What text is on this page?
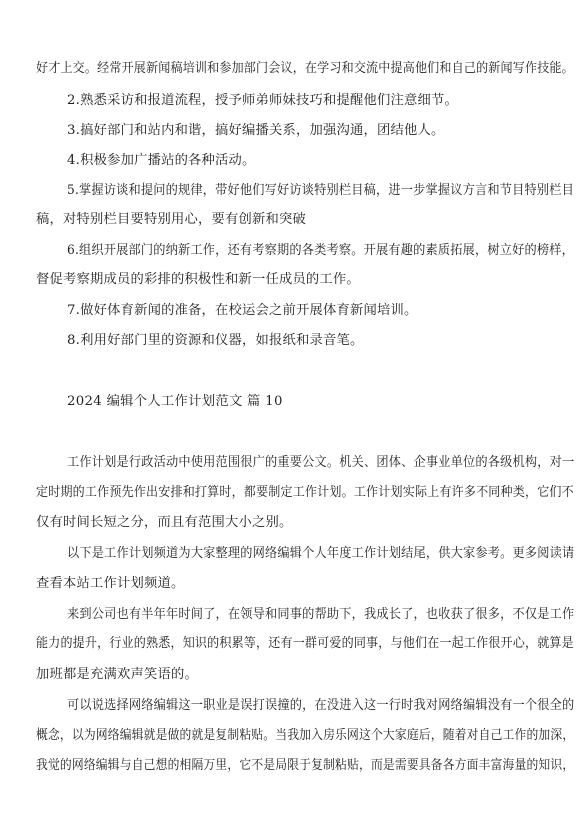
好才上交。经常开展新闻稿培训和参加部门会议，在学习和交流中提高他们和自己的新闻写作技能。
2.熟悉采访和报道流程，授予师弟师妹技巧和提醒他们注意细节。
3.搞好部门和站内和谐，搞好编播关系，加强沟通，团结他人。
4.积极参加广播站的各种活动。
5.掌握访谈和提问的规律，带好他们写好访谈特别栏目稿，进一步掌握议方言和节目特别栏目
稿，对特别栏目要特别用心，要有创新和突破
6.组织开展部门的纳新工作，还有考察期的各类考察。开展有趣的素质拓展，树立好的榜样，
督促考察期成员的彩排的积极性和新一任成员的工作。
7.做好体育新闻的准备，在校运会之前开展体育新闻培训。
8.利用好部门里的资源和仪器，如报纸和录音笔。
2024 编辑个人工作计划范文 篇 10
工作计划是行政活动中使用范围很广的重要公文。机关、团体、企事业单位的各级机构，对一
定时期的工作预先作出安排和打算时，都要制定工作计划。工作计划实际上有许多不同种类，它们不
仅有时间长短之分，而且有范围大小之别。
以下是工作计划频道为大家整理的网络编辑个人年度工作计划结尾，供大家参考。更多阅读请
查看本站工作计划频道。
来到公司也有半年年时间了，在领导和同事的帮助下，我成长了，也收获了很多，不仅是工作
能力的提升，行业的熟悉，知识的积累等，还有一群可爱的同事，与他们在一起工作很开心，就算是
加班都是充满欢声笑语的。
可以说选择网络编辑这一职业是误打误撞的，在没进入这一行时我对网络编辑没有一个很全的
概念，以为网络编辑就是做的就是复制粘贴。当我加入房乐网这个大家庭后，随着对自己工作的加深，
我觉的网络编辑与自己想的相隔万里，它不是局限于复制粘贴，而是需要具备各方面丰富海量的知识，
